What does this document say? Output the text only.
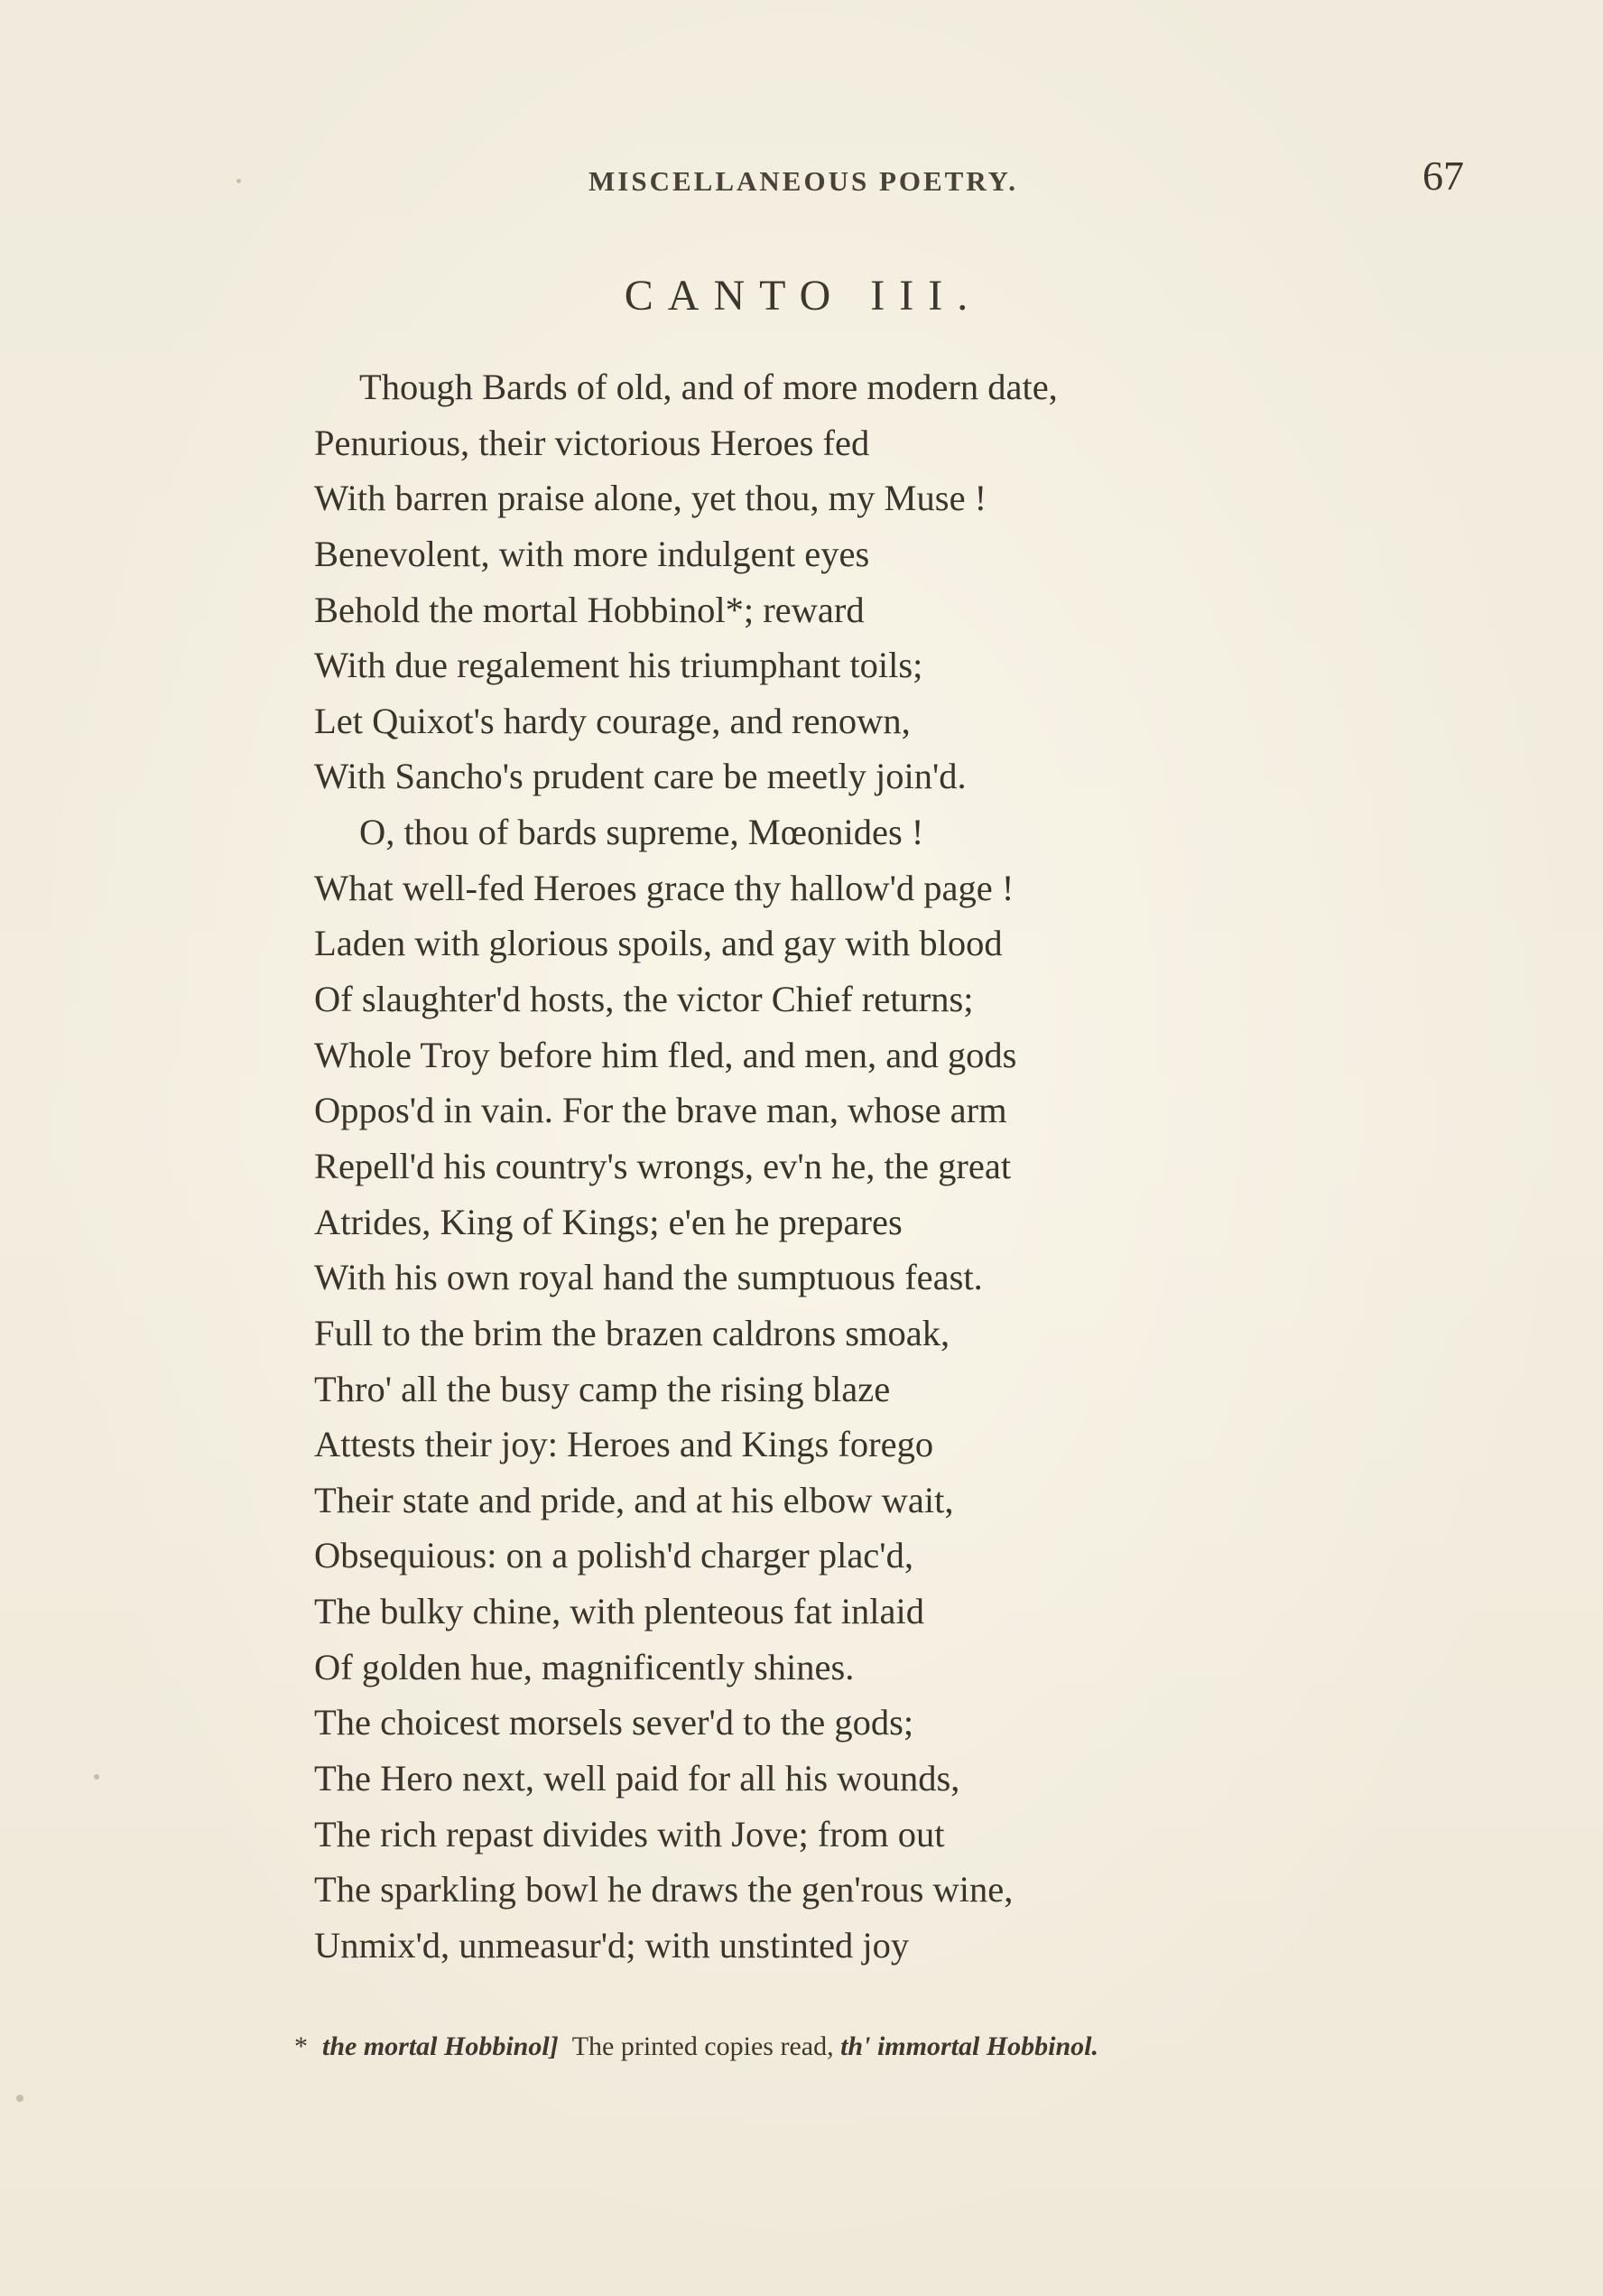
MISCELLANEOUS POETRY.	67
CANTO III.
Though Bards of old, and of more modern date,
Penurious, their victorious Heroes fed
With barren praise alone, yet thou, my Muse !
Benevolent, with more indulgent eyes
Behold the mortal Hobbinol*; reward
With due regalement his triumphant toils;
Let Quixot's hardy courage, and renown,
With Sancho's prudent care be meetly join'd.
O, thou of bards supreme, Mœonides !
What well-fed Heroes grace thy hallow'd page !
Laden with glorious spoils, and gay with blood
Of slaughter'd hosts, the victor Chief returns;
Whole Troy before him fled, and men, and gods
Oppos'd in vain. For the brave man, whose arm
Repell'd his country's wrongs, ev'n he, the great
Atrides, King of Kings; e'en he prepares
With his own royal hand the sumptuous feast.
Full to the brim the brazen caldrons smoak,
Thro' all the busy camp the rising blaze
Attests their joy: Heroes and Kings forego
Their state and pride, and at his elbow wait,
Obsequious: on a polish'd charger plac'd,
The bulky chine, with plenteous fat inlaid
Of golden hue, magnificently shines.
The choicest morsels sever'd to the gods;
The Hero next, well paid for all his wounds,
The rich repast divides with Jove; from out
The sparkling bowl he draws the gen'rous wine,
Unmix'd, unmeasur'd; with unstinted joy
* the mortal Hobbinol] The printed copies read, th' immortal Hobbinol.
